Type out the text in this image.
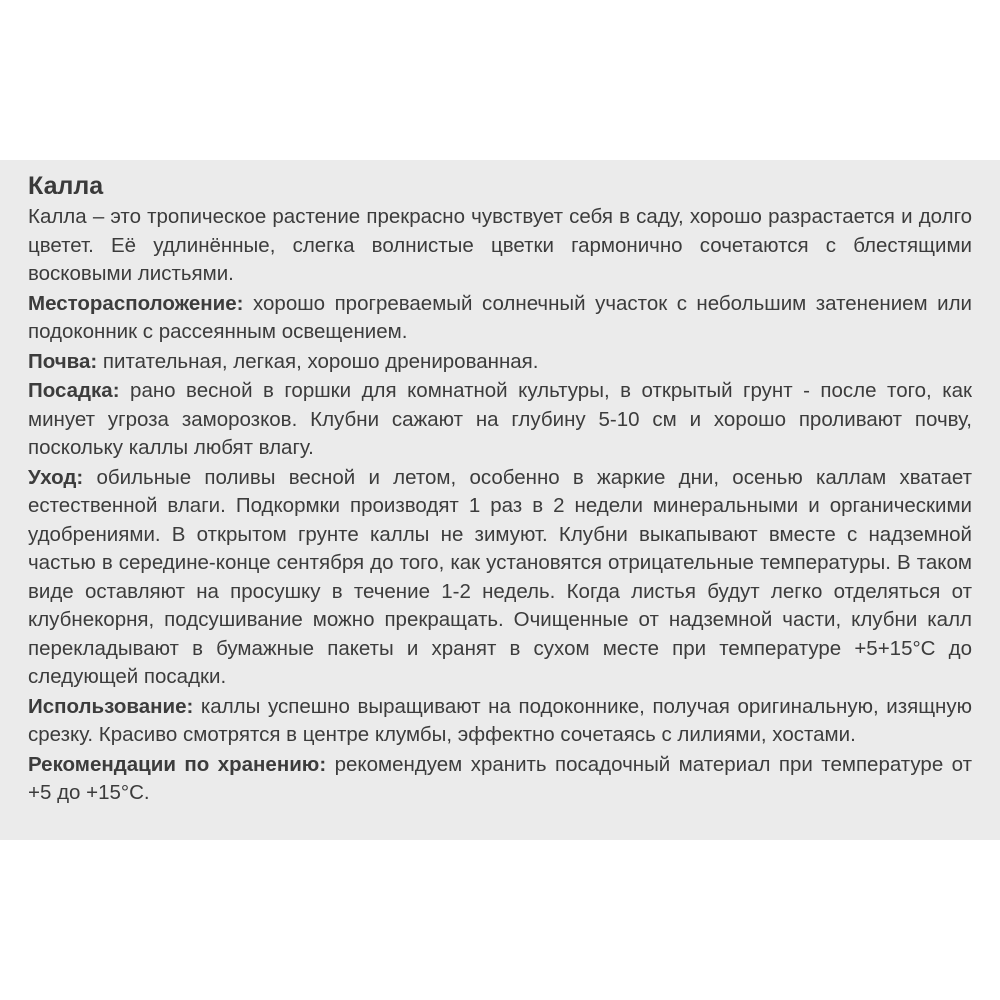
Калла

Калла – это тропическое растение прекрасно чувствует себя в саду, хорошо разрастается и долго цветет. Её удлинённые, слегка волнистые цветки гармонично сочетаются с блестящими восковыми листьями.

Месторасположение: хорошо прогреваемый солнечный участок с небольшим затенением или подоконник с рассеянным освещением.

Почва: питательная, легкая, хорошо дренированная.

Посадка: рано весной в горшки для комнатной культуры, в открытый грунт - после того, как минует угроза заморозков. Клубни сажают на глубину 5-10 см и хорошо проливают почву, поскольку каллы любят влагу.

Уход: обильные поливы весной и летом, особенно в жаркие дни, осенью каллам хватает естественной влаги. Подкормки производят 1 раз в 2 недели минеральными и органическими удобрениями. В открытом грунте каллы не зимуют. Клубни выкапывают вместе с надземной частью в середине-конце сентября до того, как установятся отрицательные температуры. В таком виде оставляют на просушку в течение 1-2 недель. Когда листья будут легко отделяться от клубнекорня, подсушивание можно прекращать. Очищенные от надземной части, клубни калл перекладывают в бумажные пакеты и хранят в сухом месте при температуре +5+15°С до следующей посадки.

Использование: каллы успешно выращивают на подоконнике, получая оригинальную, изящную срезку. Красиво смотрятся в центре клумбы, эффектно сочетаясь с лилиями, хостами.

Рекомендации по хранению: рекомендуем хранить посадочный материал при температуре от +5 до +15°С.
